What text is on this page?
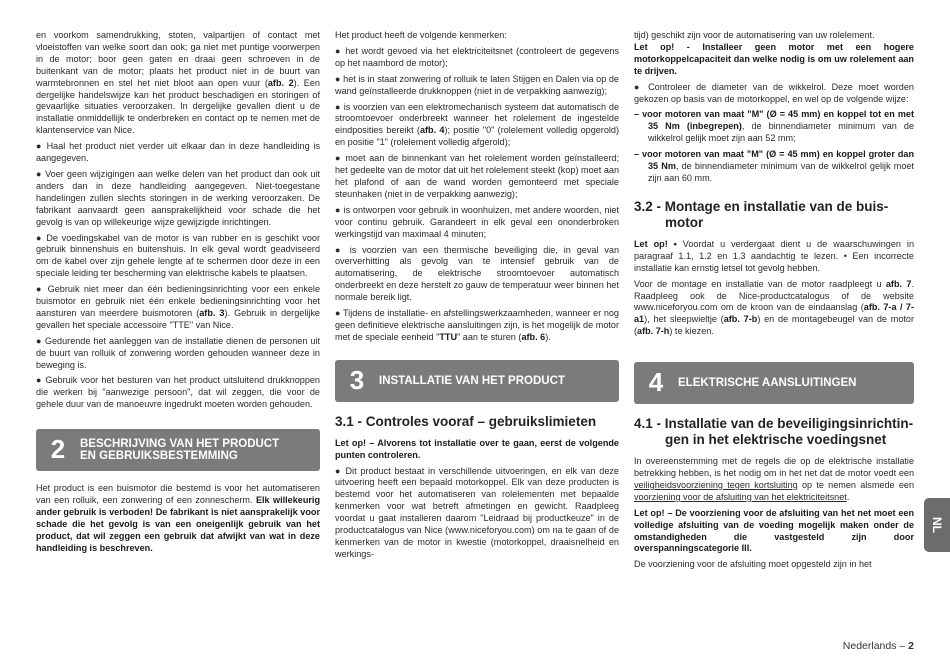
en voorkom samendrukking, stoten, valpartijen of contact met vloeistoffen van welke soort dan ook; ga niet met puntige voorwerpen in de motor; boor geen gaten en draai geen schroeven in de buitenkant van de motor; plaats het product niet in de buurt van warmtebronnen en stel het niet bloot aan open vuur (afb. 2). Een dergelijke handelswijze kan het product beschadigen en storingen of gevaarlijke situaties veroorzaken. In dergelijke gevallen dient u de installatie onmiddellijk te onderbreken en contact op te nemen met de klantenservice van Nice.

● Haal het product niet verder uit elkaar dan in deze handleiding is aangegeven.

● Voer geen wijzigingen aan welke delen van het product dan ook uit anders dan in deze handleiding aangegeven. Niet-toegestane handelingen zullen slechts storingen in de werking veroorzaken. De fabrikant aanvaardt geen aansprakelijkheid voor schade die het gevolg is van op willekeurige wijze gewijzigde inrichtingen.

● De voedingskabel van de motor is van rubber en is geschikt voor gebruik binnenshuis en buitenshuis. In elk geval wordt geadviseerd om de kabel over zijn gehele lengte af te schermen door deze in een speciale leiding ter bescherming van elektrische kabels te plaatsen.

● Gebruik niet meer dan één bedieningsinrichting voor een enkele buismotor en gebruik niet één enkele bedieningsinrichting voor het aansturen van meerdere buismotoren (afb. 3). Gebruik in dergelijke gevallen het speciale accessoire "TTE" van Nice.

● Gedurende het aanleggen van de installatie dienen de personen uit de buurt van rolluik of zonwering worden gehouden wanneer deze in beweging is.

● Gebruik voor het besturen van het product uitsluitend drukknoppen die werken bij "aanwezige persoon", dat wil zeggen, die voor de gehele duur van de manoeuvre ingedrukt moeten worden gehouden.

2	BESCHRIJVING VAN HET PRODUCT
EN GEBRUIKSBESTEMMING

Het product is een buismotor die bestemd is voor het automatiseren van een rolluik, een zonwering of een zonnescherm. Elk willekeurig ander gebruik is verboden! De fabrikant is niet aansprakelijk voor schade die het gevolg is van een oneigenlijk gebruik van het product, dat wil zeggen een gebruik dat afwijkt van wat in deze handleiding is beschreven.

Het product heeft de volgende kenmerken:

● het wordt gevoed via het elektriciteitsnet (controleert de gegevens op het naambord de motor);

● het is in staat zonwering of rolluik te laten Stijgen en Dalen via op de wand geïnstalleerde drukknoppen (niet in de verpakking aanwezig);

● is voorzien van een elektromechanisch systeem dat automatisch de stroomtoevoer onderbreekt wanneer het rolelement de ingestelde eindposities bereikt (afb. 4); positie "0" (rolelement volledig opgerold) en positie "1" (rolelement volledig afgerold);

● moet aan de binnenkant van het rolelement worden geïnstalleerd; het gedeelte van de motor dat uit het rolelement steekt (kop) moet aan het plafond of aan de wand worden gemonteerd met speciale steunhaken (niet in de verpakking aanwezig);

● is ontworpen voor gebruik in woonhuizen, met andere woorden, niet voor continu gebruik. Garandeert in elk geval een ononderbroken werkingstijd van maximaal 4 minuten;

● is voorzien van een thermische beveiliging die, in geval van oververhitting als gevolg van te intensief gebruik van de automatisering, de elektrische stroomtoevoer automatisch onderbreekt en deze herstelt zo gauw de temperatuur weer binnen het normale bereik ligt.

● Tijdens de installatie- en afstellingswerkzaamheden, wanneer er nog geen definitieve elektrische aansluitingen zijn, is het mogelijk de motor met de speciale eenheid "TTU" aan te sturen (afb. 6).

3	INSTALLATIE VAN HET PRODUCT
3.1 - Controles vooraf – gebruikslimieten

Let op! – Alvorens tot installatie over te gaan, eerst de volgende punten controleren.

● Dit product bestaat in verschillende uitvoeringen, en elk van deze uitvoering heeft een bepaald motorkoppel. Elk van deze producten is bestemd voor het automatiseren van rolelementen met bepaalde kenmerken voor wat betreft afmetingen en gewicht. Raadpleeg voordat u gaat installeren daarom "Leidraad bij productkeuze" in de productcatalogus van Nice (www.niceforyou.com) om na te gaan of de kenmerken van de motor in kwestie (motorkoppel, draaisnelheid en werkings-

tijd) geschikt zijn voor de automatisering van uw rolelement.

Let op! - Installeer geen motor met een hogere motorkoppelcapaciteit dan welke nodig is om uw rolelement aan te drijven.

● Controleer de diameter van de wikkelrol. Deze moet worden gekozen op basis van de motorkoppel, en wel op de volgende wijze:

– voor motoren van maat "M" (Ø = 45 mm) en koppel tot en met 35 Nm (inbegrepen), de binnendiameter minimum van de wikkelrol gelijk moet zijn aan 52 mm;

– voor motoren van maat "M" (Ø = 45 mm) en koppel groter dan 35 Nm, de binnendiameter minimum van de wikkelrol gelijk moet zijn aan 60 mm.

3.2 - Montage en installatie van de buis-
motor

Let op! • Voordat u verdergaat dient u de waarschuwingen in paragraaf 1.1, 1.2 en 1.3 aandachtig te lezen. • Een incorrecte installatie kan ernstig letsel tot gevolg hebben.

Voor de montage en installatie van de motor raadpleegt u afb. 7. Raadpleeg ook de Nice-productcatalogus of de website www.niceforyou.com om de kroon van de eindaanslag (afb. 7-a / 7-a1), het sleepwieltje (afb. 7-b) en de montagebeugel van de motor (afb. 7-h) te kiezen.

4	ELEKTRISCHE AANSLUITINGEN
4.1 - Installatie van de beveiligingsinrichtin-
gen in het elektrische voedingsnet

In overeenstemming met de regels die op de elektrische installatie betrekking hebben, is het nodig om in het net dat de motor voedt een veiligheidsvoorziening tegen kortsluiting op te nemen alsmede een voorziening voor de afsluiting van het elektriciteitsnet.

Let op! – De voorziening voor de afsluiting van het net moet een volledige afsluiting van de voeding mogelijk maken onder de omstandigheden die vastgesteld zijn door overspanningscategorie III.

De voorziening voor de afsluiting moet opgesteld zijn in het

NL
Nederlands – 2
